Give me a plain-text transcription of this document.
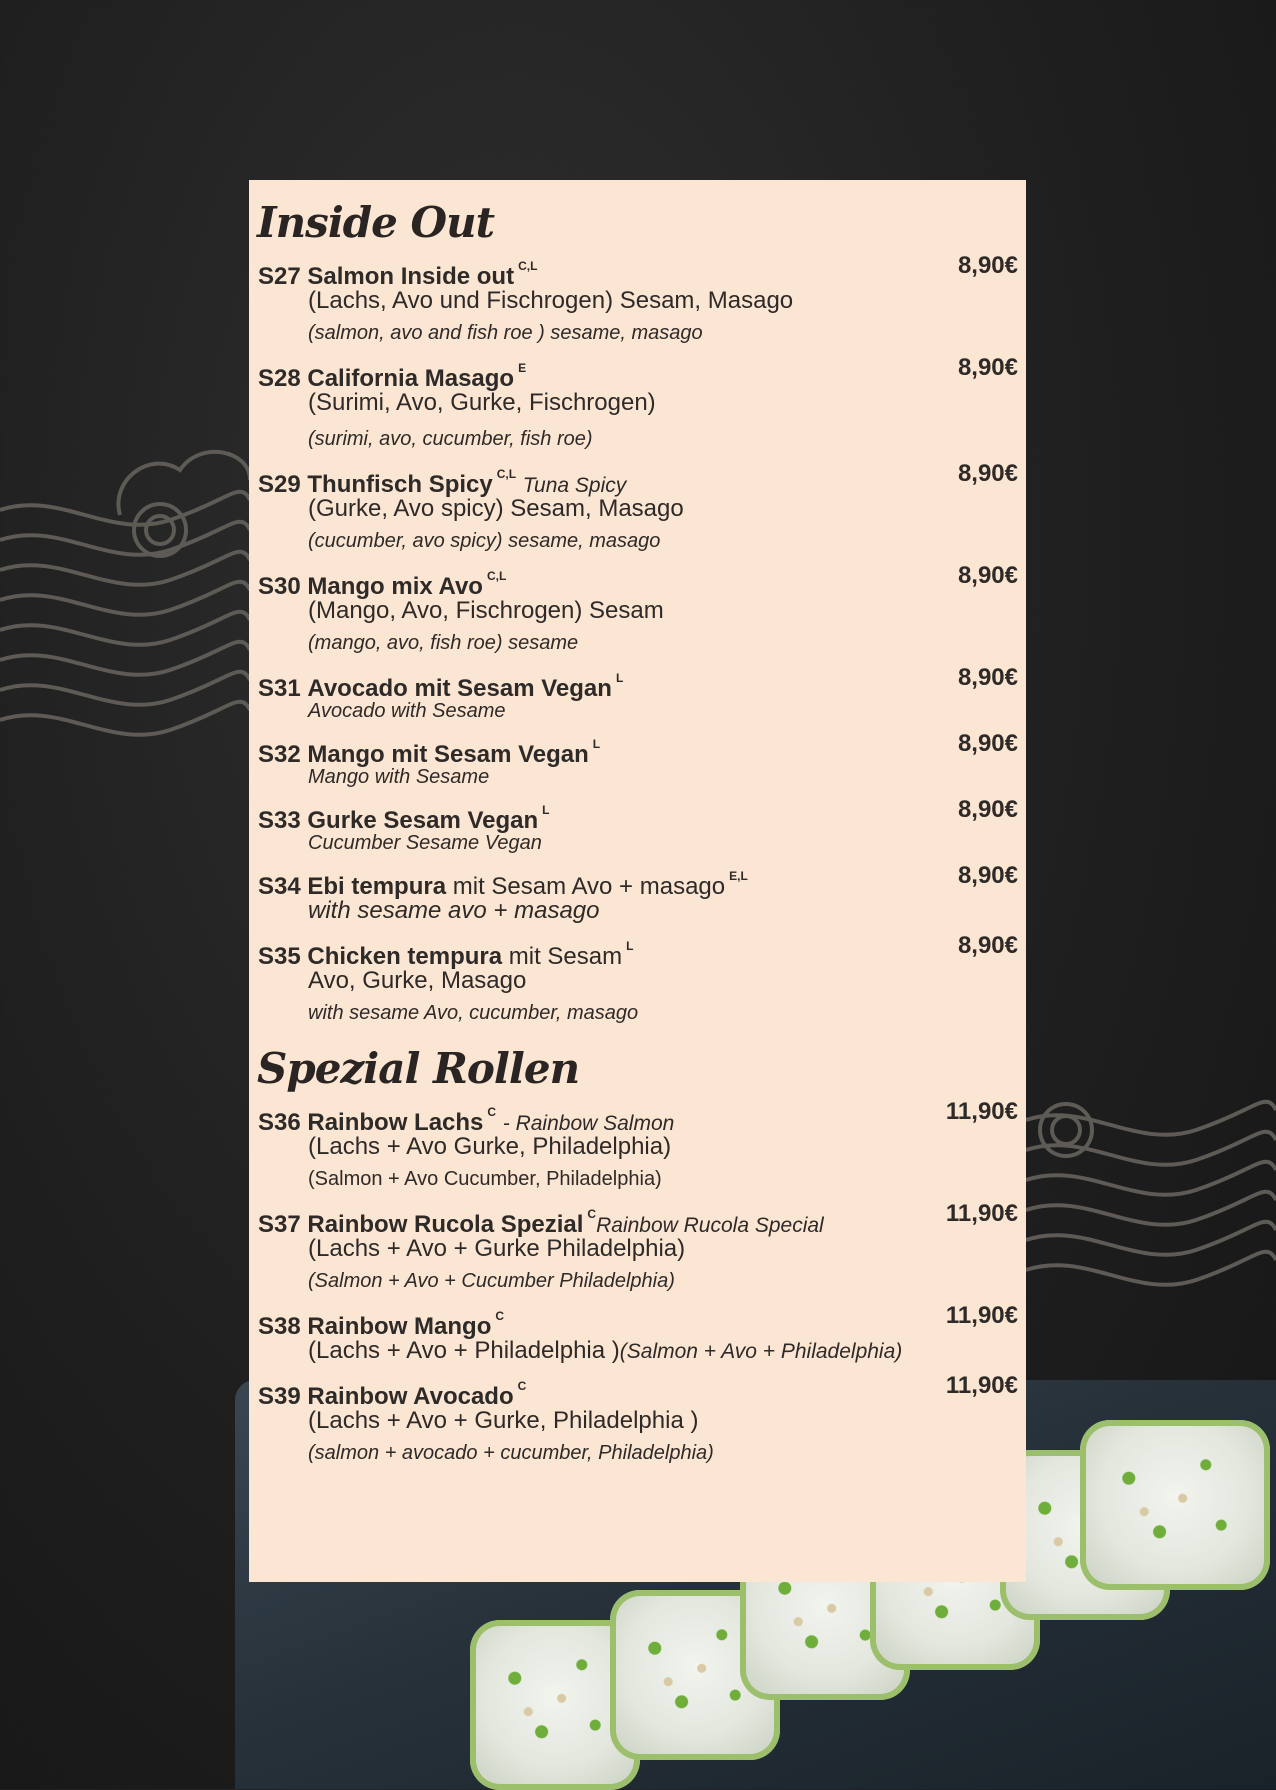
Inside Out
S27 Salmon Inside out $^{C,L}$	8,90€
(Lachs, Avo und Fischrogen) Sesam, Masago
(salmon, avo and fish roe ) sesame, masago
S28 California Masago $^E$	8,90€
(Surimi, Avo, Gurke, Fischrogen)
(surimi, avo, cucumber, fish roe)
S29 Thunfisch Spicy $^{C,L}$ Tuna Spicy	8,90€
(Gurke, Avo spicy) Sesam, Masago
(cucumber, avo spicy) sesame, masago
S30 Mango mix Avo $^{C,L}$	8,90€
(Mango, Avo, Fischrogen) Sesam
(mango, avo, fish roe) sesame
S31 Avocado mit Sesam Vegan $^L$	8,90€
Avocado with Sesame
S32 Mango mit Sesam Vegan $^L$	8,90€
Mango with Sesame
S33 Gurke Sesam Vegan $^L$	8,90€
Cucumber Sesame Vegan
S34 Ebi tempura mit Sesam Avo + masago $^{E,L}$	8,90€
with sesame avo + masago
S35 Chicken tempura mit Sesam $^L$	8,90€
Avo, Gurke, Masago
with sesame Avo, cucumber, masago
Spezial Rollen
S36 Rainbow Lachs $^C$ - Rainbow Salmon	11,90€
(Lachs + Avo Gurke, Philadelphia)
(Salmon + Avo Cucumber, Philadelphia)
S37 Rainbow Rucola Spezial $^C$Rainbow Rucola Special	11,90€
(Lachs + Avo + Gurke Philadelphia)
(Salmon + Avo + Cucumber Philadelphia)
S38 Rainbow Mango $^C$	11,90€
(Lachs + Avo + Philadelphia )(Salmon + Avo + Philadelphia)
S39 Rainbow Avocado $^C$	11,90€
(Lachs + Avo + Gurke, Philadelphia )
(salmon + avocado + cucumber, Philadelphia)
